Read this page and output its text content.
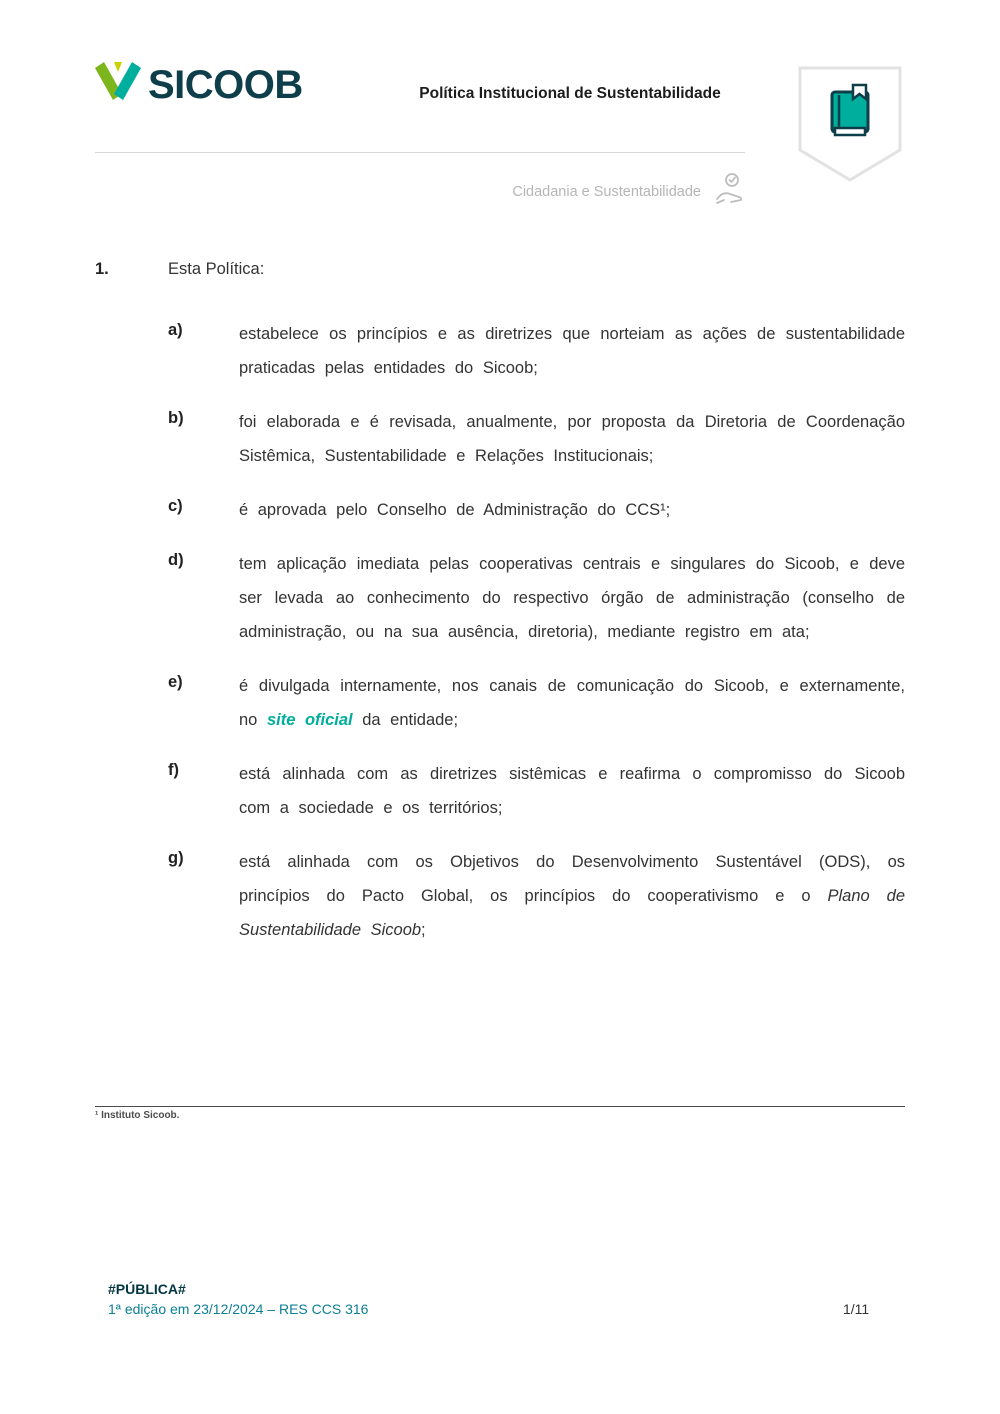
SICOOB	Política Institucional de Sustentabilidade
Cidadania e Sustentabilidade
1.	Esta Política:
a)	estabelece os princípios e as diretrizes que norteiam as ações de sustentabilidade praticadas pelas entidades do Sicoob;

b)	foi elaborada e é revisada, anualmente, por proposta da Diretoria de Coordenação Sistêmica, Sustentabilidade e Relações Institucionais;

c)	é aprovada pelo Conselho de Administração do CCS¹;

d)	tem aplicação imediata pelas cooperativas centrais e singulares do Sicoob, e deve ser levada ao conhecimento do respectivo órgão de administração (conselho de administração, ou na sua ausência, diretoria), mediante registro em ata;

e)	é divulgada internamente, nos canais de comunicação do Sicoob, e externamente, no site oficial da entidade;

f)	está alinhada com as diretrizes sistêmicas e reafirma o compromisso do Sicoob com a sociedade e os territórios;

g)	está alinhada com os Objetivos do Desenvolvimento Sustentável (ODS), os princípios do Pacto Global, os princípios do cooperativismo e o Plano de Sustentabilidade Sicoob;

¹ Instituto Sicoob.
#PÚBLICA#
1ª edição em 23/12/2024 – RES CCS 316	1/11
